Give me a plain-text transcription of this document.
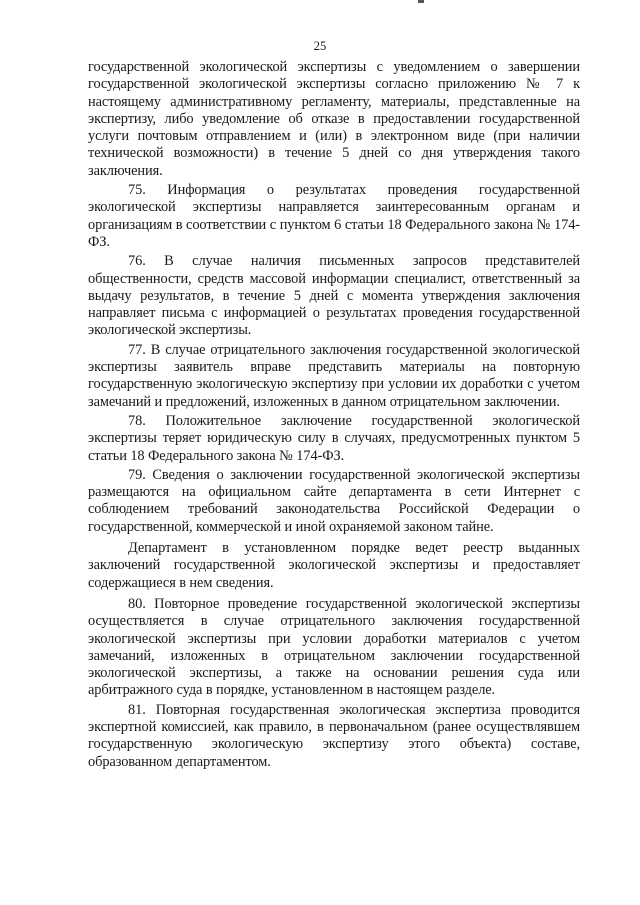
25

государственной экологической экспертизы с уведомлением о завершении государственной экологической экспертизы согласно приложению № 7 к настоящему административному регламенту, материалы, представленные на экспертизу, либо уведомление об отказе в предоставлении государственной услуги почтовым отправлением и (или) в электронном виде (при наличии технической возможности) в течение 5 дней со дня утверждения такого заключения.

75. Информация о результатах проведения государственной экологической экспертизы направляется заинтересованным органам и организациям в соответствии с пунктом 6 статьи 18 Федерального закона № 174-ФЗ.

76. В случае наличия письменных запросов представителей общественности, средств массовой информации специалист, ответственный за выдачу результатов, в течение 5 дней с момента утверждения заключения направляет письма с информацией о результатах проведения государственной экологической экспертизы.

77. В случае отрицательного заключения государственной экологической экспертизы заявитель вправе представить материалы на повторную государственную экологическую экспертизу при условии их доработки с учетом замечаний и предложений, изложенных в данном отрицательном заключении.

78. Положительное заключение государственной экологической экспертизы теряет юридическую силу в случаях, предусмотренных пунктом 5 статьи 18 Федерального закона № 174-ФЗ.

79. Сведения о заключении государственной экологической экспертизы размещаются на официальном сайте департамента в сети Интернет с соблюдением требований законодательства Российской Федерации о государственной, коммерческой и иной охраняемой законом тайне.

Департамент в установленном порядке ведет реестр выданных заключений государственной экологической экспертизы и предоставляет содержащиеся в нем сведения.

80. Повторное проведение государственной экологической экспертизы осуществляется в случае отрицательного заключения государственной экологической экспертизы при условии доработки материалов с учетом замечаний, изложенных в отрицательном заключении государственной экологической экспертизы, а также на основании решения суда или арбитражного суда в порядке, установленном в настоящем разделе.

81. Повторная государственная экологическая экспертиза проводится экспертной комиссией, как правило, в первоначальном (ранее осуществлявшем государственную экологическую экспертизу этого объекта) составе, образованном департаментом.
